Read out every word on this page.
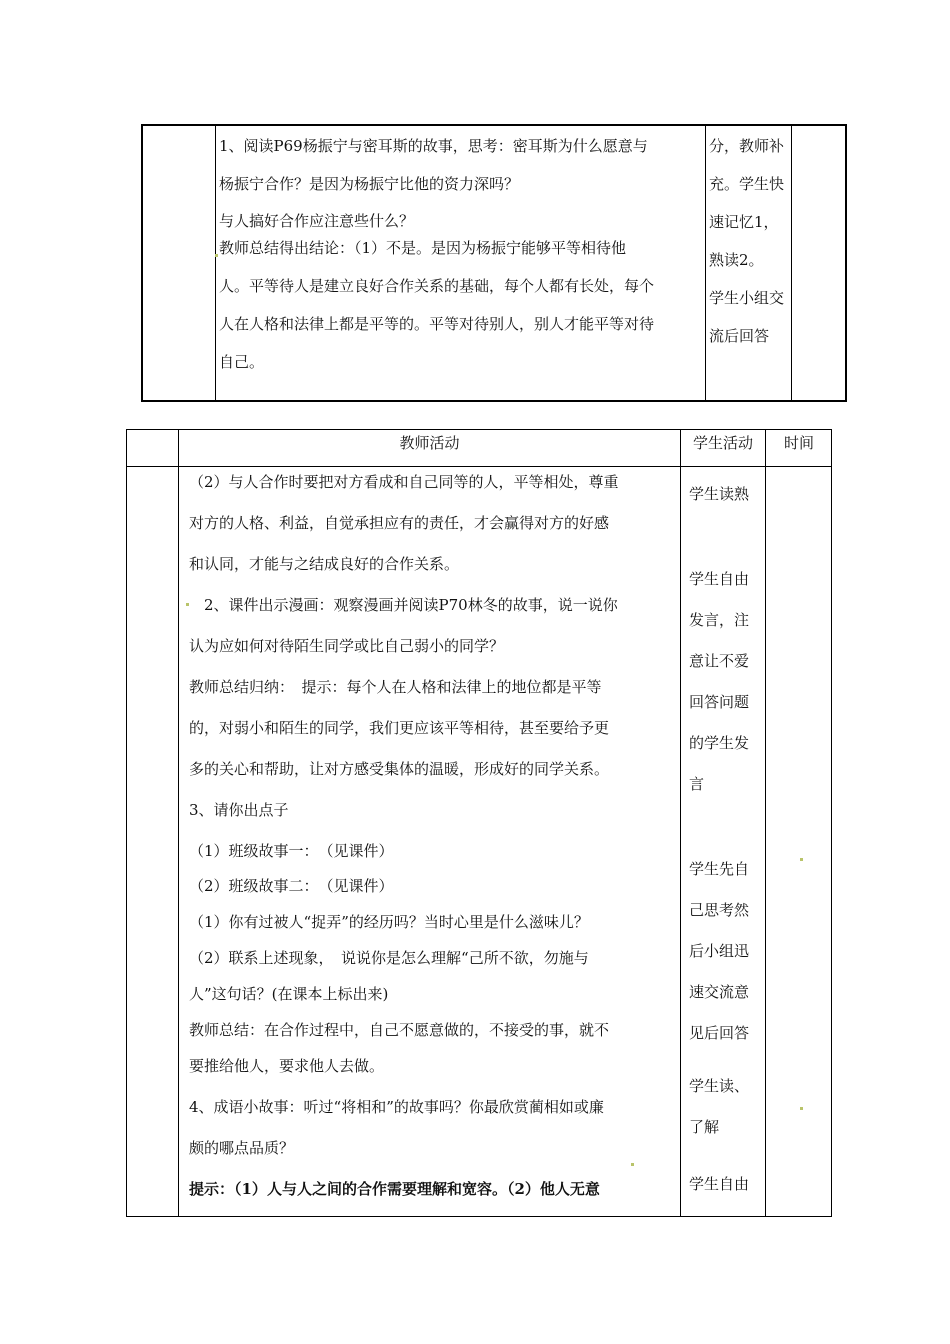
1、阅读P69杨振宁与密耳斯的故事，思考：密耳斯为什么愿意与
杨振宁合作？是因为杨振宁比他的资力深吗？
与人搞好合作应注意些什么？
教师总结得出结论：（1）不是。是因为杨振宁能够平等相待他
人。平等待人是建立良好合作关系的基础，每个人都有长处，每个
人在人格和法律上都是平等的。平等对待别人，别人才能平等对待
自己。
分，教师补
充。学生快
速记忆1，
熟读2。
学生小组交
流后回答
教师活动	学生活动	时间
（2）与人合作时要把对方看成和自己同等的人，平等相处，尊重
对方的人格、利益，自觉承担应有的责任，才会赢得对方的好感
和认同，才能与之结成良好的合作关系。
　2、课件出示漫画：观察漫画并阅读P70林冬的故事，说一说你
认为应如何对待陌生同学或比自己弱小的同学？
教师总结归纳：　提示：每个人在人格和法律上的地位都是平等
的，对弱小和陌生的同学，我们更应该平等相待，甚至要给予更
多的关心和帮助，让对方感受集体的温暖，形成好的同学关系。
3、请你出点子
（1）班级故事一：　（见课件）
（2）班级故事二：　（见课件）
（1）你有过被人“捉弄”的经历吗？当时心里是什么滋味儿？
（2）联系上述现象，　说说你是怎么理解“己所不欲，勿施与
人”这句话？(在课本上标出来)
教师总结：在合作过程中，自己不愿意做的，不接受的事，就不
要推给他人，要求他人去做。
4、成语小故事：听过“将相和”的故事吗？你最欣赏蔺相如或廉
颇的哪点品质？
提示：（1）人与人之间的合作需要理解和宽容。（2）他人无意
学生读熟
学生自由
发言，注
意让不爱
回答问题
的学生发
言
学生先自
己思考然
后小组迅
速交流意
见后回答
学生读、
了解
学生自由
